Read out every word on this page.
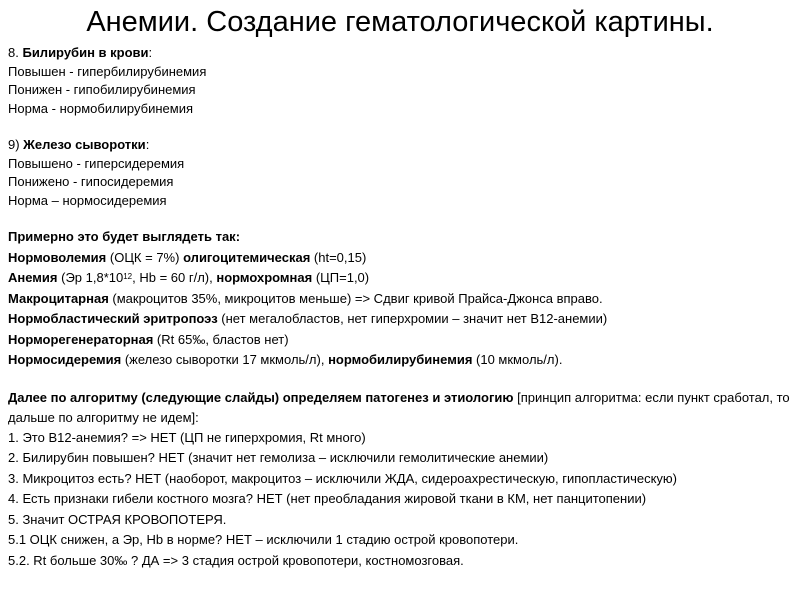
Анемии. Создание гематологической картины.
8. Билирубин в крови:
Повышен - гипербилирубинемия
Понижен - гипобилирубинемия
Норма - нормобилирубинемия
9) Железо сыворотки:
Повышено - гиперсидеремия
Понижено - гипосидеремия
Норма – нормосидеремия
Примерно это будет выглядеть так:
Нормоволемия (ОЦК = 7%) олигоцитемическая (ht=0,15)
Анемия (Эр $1,8*10^{12}$, Hb = 60 г/л), нормохромная (ЦП=1,0)
Макроцитарная (макроцитов 35%, микроцитов меньше) => Сдвиг кривой Прайса-Джонса вправо.
Нормобластический эритропоэз (нет мегалобластов, нет гиперхромии – значит нет В12-анемии)
Норморегенераторная (Rt 65‰, бластов нет)
Нормосидеремия (железо сыворотки 17 мкмоль/л), нормобилирубинемия (10 мкмоль/л).
Далее по алгоритму (следующие слайды) определяем патогенез и этиологию [принцип алгоритма: если пункт сработал, то дальше по алгоритму не идем]:
1. Это В12-анемия? => НЕТ (ЦП не гиперхромия, Rt много)
2. Билирубин повышен? НЕТ (значит нет гемолиза – исключили гемолитические анемии)
3. Микроцитоз есть? НЕТ (наоборот, макроцитоз – исключили ЖДА, сидероахрестическую, гипопластическую)
4. Есть признаки гибели костного мозга? НЕТ (нет преобладания жировой ткани в КМ, нет панцитопении)
5. Значит ОСТРАЯ КРОВОПОТЕРЯ.
5.1 ОЦК снижен, а Эр, Hb в норме? НЕТ – исключили 1 стадию острой кровопотери.
5.2. Rt больше 30‰ ? ДА => 3 стадия острой кровопотери, костномозговая.
